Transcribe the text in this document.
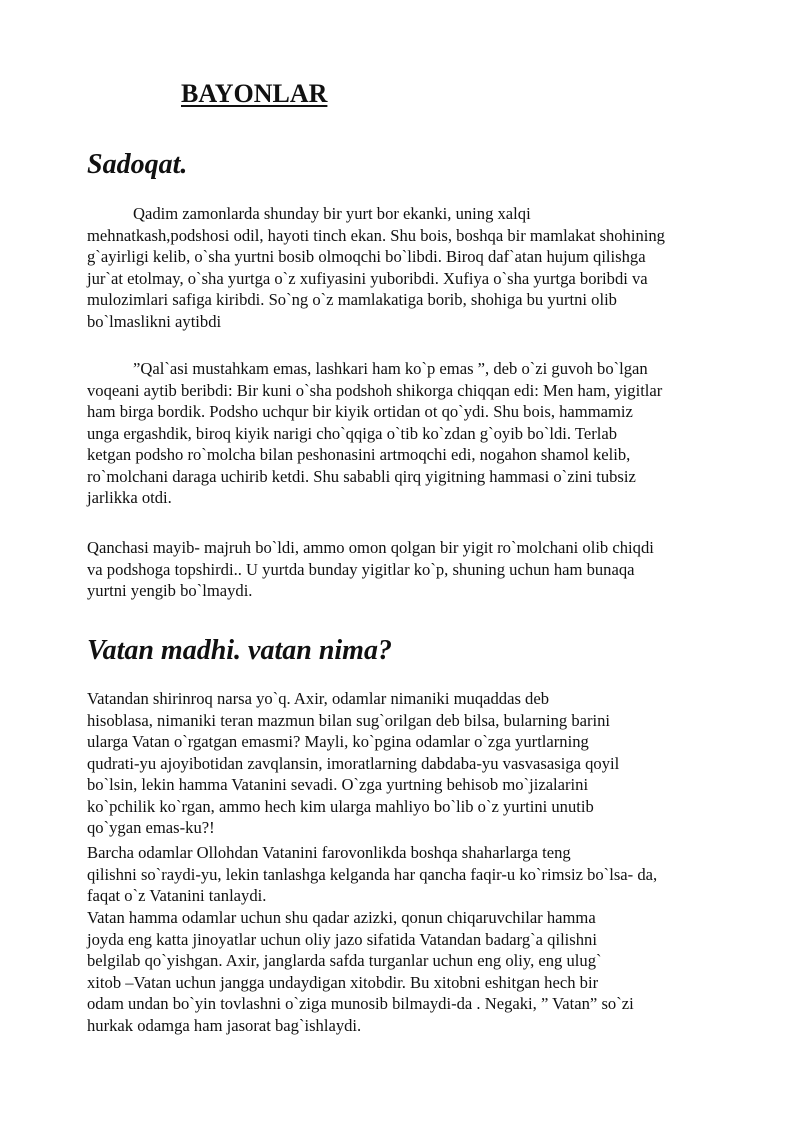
BAYONLAR
Sadoqat.
Qadim zamonlarda shunday bir yurt bor ekanki, uning xalqi
mehnatkash,podshosi odil, hayoti tinch ekan. Shu bois, boshqa bir mamlakat shohining
g`ayirligi kelib, o`sha yurtni bosib olmoqchi bo`libdi. Biroq daf`atan hujum qilishga
jur`at etolmay, o`sha yurtga o`z xufiyasini yuboribdi. Xufiya o`sha yurtga boribdi va
mulozimlari safiga kiribdi. So`ng o`z mamlakatiga borib, shohiga bu yurtni olib
bo`lmaslikni aytibdi
”Qal`asi mustahkam emas, lashkari ham ko`p emas ”, deb o`zi guvoh bo`lgan
voqeani aytib beribdi: Bir kuni o`sha podshoh shikorga chiqqan edi: Men ham, yigitlar
ham birga bordik. Podsho uchqur bir kiyik ortidan ot qo`ydi. Shu bois, hammamiz
unga ergashdik, biroq kiyik narigi cho`qqiga o`tib ko`zdan g`oyib bo`ldi. Terlab
ketgan podsho ro`molcha bilan peshonasini artmoqchi edi, nogahon shamol kelib,
ro`molchani daraga uchirib ketdi. Shu sababli qirq yigitning hammasi o`zini tubsiz
jarlikka otdi.
Qanchasi mayib- majruh bo`ldi, ammo omon qolgan bir yigit ro`molchani olib chiqdi
va podshoga topshirdi.. U yurtda bunday yigitlar ko`p, shuning uchun ham bunaqa
yurtni yengib bo`lmaydi.
Vatan madhi. vatan nima?
Vatandan shirinroq narsa yo`q. Axir, odamlar nimaniki muqaddas deb
hisoblasa, nimaniki teran mazmun bilan sug`orilgan deb bilsa, bularning barini
ularga Vatan o`rgatgan emasmi? Mayli, ko`pgina odamlar o`zga yurtlarning
qudrati-yu ajoyibotidan zavqlansin, imoratlarning dabdaba-yu vasvasasiga qoyil
bo`lsin, lekin hamma Vatanini sevadi. O`zga yurtning behisob mo`jizalarini
ko`pchilik ko`rgan, ammo hech kim ularga mahliyo bo`lib o`z yurtini unutib
qo`ygan emas-ku?!
Barcha odamlar Ollohdan Vatanini farovonlikda boshqa shaharlarga teng
qilishni so`raydi-yu, lekin tanlashga kelganda har qancha faqir-u ko`rimsiz bo`lsa- da,
faqat o`z Vatanini tanlaydi.
Vatan hamma odamlar uchun shu qadar azizki, qonun chiqaruvchilar hamma
joyda eng katta jinoyatlar uchun oliy jazo sifatida Vatandan badarg`a qilishni
belgilab qo`yishgan. Axir, janglarda safda turganlar uchun eng oliy, eng ulug`
xitob –Vatan uchun jangga undaydigan xitobdir. Bu xitobni eshitgan hech bir
odam undan bo`yin tovlashni o`ziga munosib bilmaydi-da . Negaki, ” Vatan” so`zi
hurkak odamga ham jasorat bag`ishlaydi.
